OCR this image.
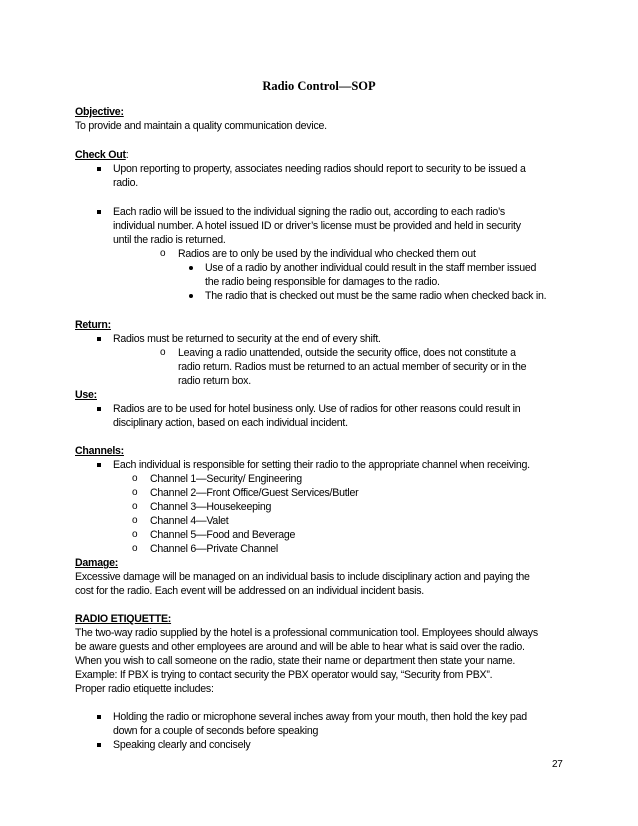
Radio Control—SOP
Objective:
To provide and maintain a quality communication device.
Check Out:
Upon reporting to property, associates needing radios should report to security to be issued a
radio.
Each radio will be issued to the individual signing the radio out, according to each radio’s
individual number. A hotel issued ID or driver’s license must be provided and held in security
until the radio is returned.
o Radios are to only be used by the individual who checked them out
Use of a radio by another individual could result in the staff member issued
the radio being responsible for damages to the radio.
The radio that is checked out must be the same radio when checked back in.
Return:
Radios must be returned to security at the end of every shift.
o Leaving a radio unattended, outside the security office, does not constitute a
radio return. Radios must be returned to an actual member of security or in the
radio return box.
Use:
Radios are to be used for hotel business only. Use of radios for other reasons could result in
disciplinary action, based on each individual incident.
Channels:
Each individual is responsible for setting their radio to the appropriate channel when receiving.
o Channel 1—Security/ Engineering
o Channel 2—Front Office/Guest Services/Butler
o Channel 3—Housekeeping
o Channel 4—Valet
o Channel 5—Food and Beverage
o Channel 6—Private Channel
Damage:
Excessive damage will be managed on an individual basis to include disciplinary action and paying the
cost for the radio. Each event will be addressed on an individual incident basis.
RADIO ETIQUETTE:
The two-way radio supplied by the hotel is a professional communication tool. Employees should always
be aware guests and other employees are around and will be able to hear what is said over the radio.
When you wish to call someone on the radio, state their name or department then state your name.
Example: If PBX is trying to contact security the PBX operator would say, “Security from PBX”.
Proper radio etiquette includes:
Holding the radio or microphone several inches away from your mouth, then hold the key pad
down for a couple of seconds before speaking
Speaking clearly and concisely
27
